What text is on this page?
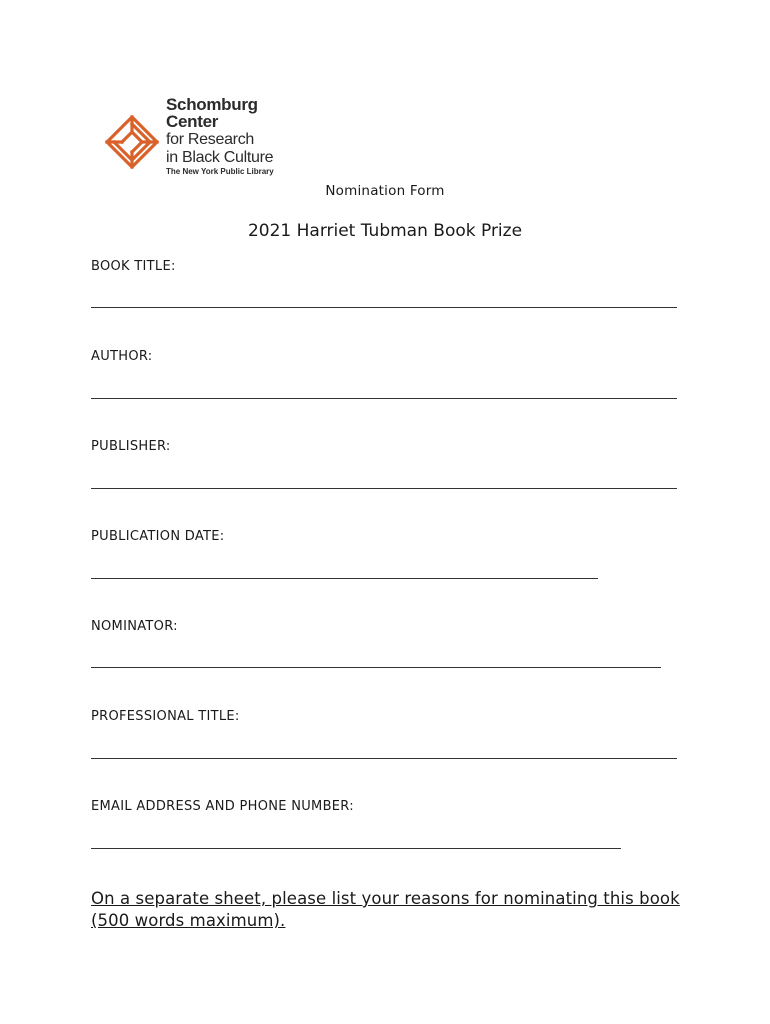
Schomburg Center
for Research
in Black Culture
The New York Public Library
Nomination Form
2021 Harriet Tubman Book Prize
BOOK TITLE:
AUTHOR:
PUBLISHER:
PUBLICATION DATE:
NOMINATOR:
PROFESSIONAL TITLE:
EMAIL ADDRESS AND PHONE NUMBER:
On a separate sheet, please list your reasons for nominating this book (500 words maximum).
